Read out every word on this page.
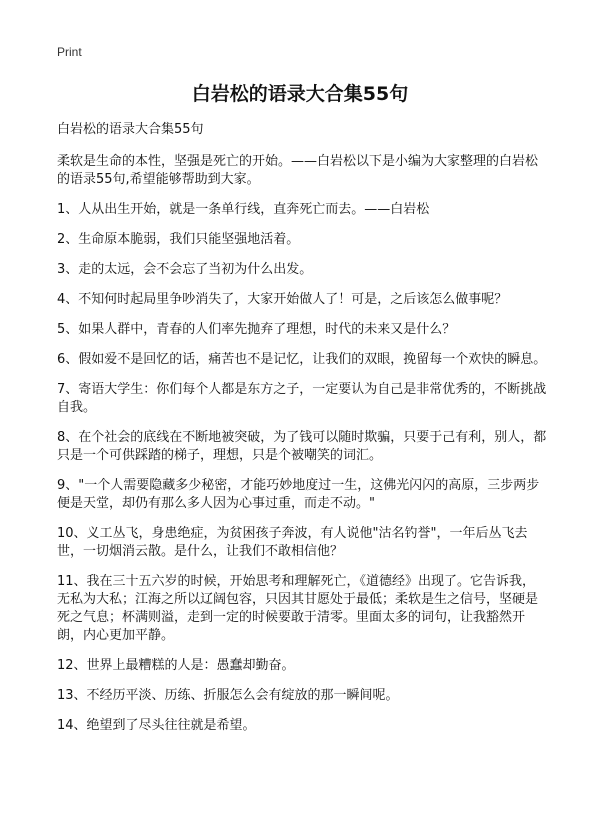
Print
白岩松的语录大合集55句

白岩松的语录大合集55句

柔软是生命的本性，坚强是死亡的开始。——白岩松以下是小编为大家整理的白岩松的语录55句,希望能够帮助到大家。

1、人从出生开始，就是一条单行线，直奔死亡而去。——白岩松
2、生命原本脆弱，我们只能坚强地活着。
3、走的太远，会不会忘了当初为什么出发。
4、不知何时起局里争吵消失了，大家开始做人了！可是，之后该怎么做事呢？
5、如果人群中，青春的人们率先抛弃了理想，时代的未来又是什么？
6、假如爱不是回忆的话，痛苦也不是记忆，让我们的双眼，挽留每一个欢快的瞬息。
7、寄语大学生：你们每个人都是东方之子，一定要认为自己是非常优秀的，不断挑战自我。
8、在个社会的底线在不断地被突破，为了钱可以随时欺骗，只要于己有利，别人，都只是一个可供踩踏的梯子，理想，只是个被嘲笑的词汇。
9、"一个人需要隐藏多少秘密，才能巧妙地度过一生，这佛光闪闪的高原，三步两步便是天堂，却仍有那么多人因为心事过重，而走不动。"
10、义工丛飞，身患绝症，为贫困孩子奔波，有人说他"沽名钓誉"，一年后丛飞去世，一切烟消云散。是什么，让我们不敢相信他？
11、我在三十五六岁的时候，开始思考和理解死亡，《道德经》出现了。它告诉我，无私为大私；江海之所以辽阔包容，只因其甘愿处于最低；柔软是生之信号，坚硬是死之气息；杯满则溢，走到一定的时候要敢于清零。里面太多的词句，让我豁然开朗，内心更加平静。
12、世界上最糟糕的人是：愚蠢却勤奋。
13、不经历平淡、历练、折服怎么会有绽放的那一瞬间呢。
14、绝望到了尽头往往就是希望。
